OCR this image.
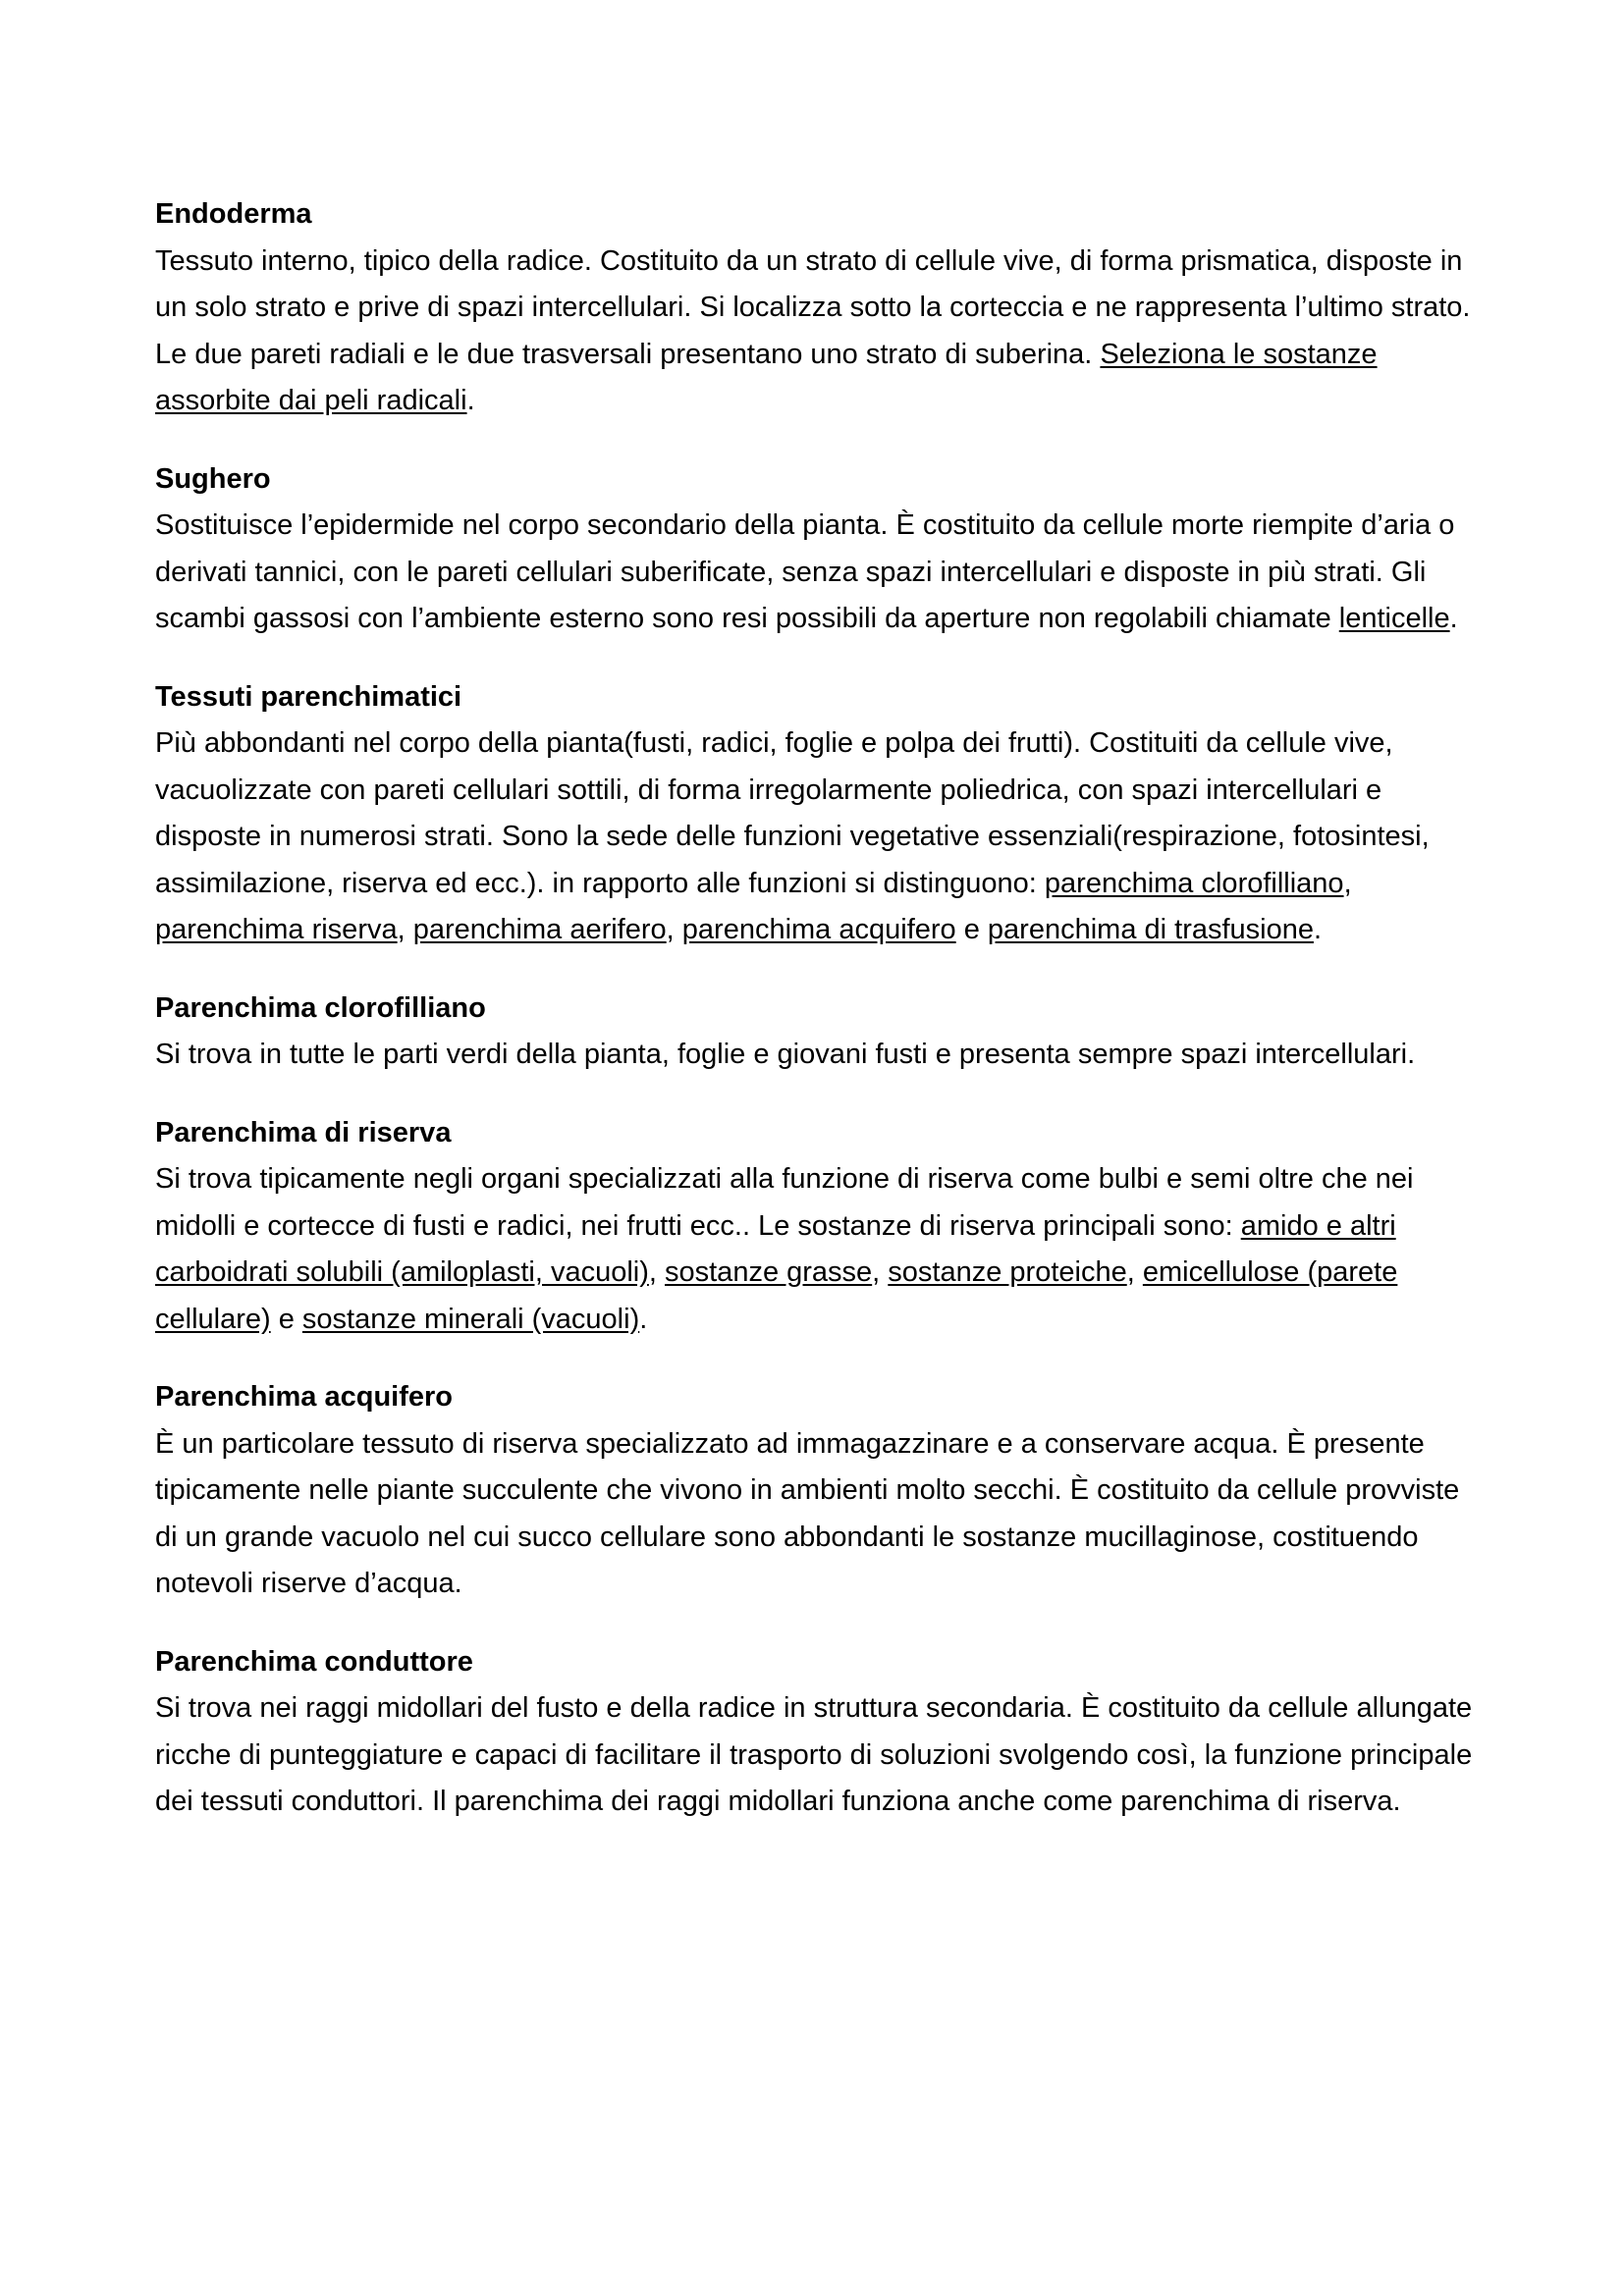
Endoderma

Tessuto interno, tipico della radice. Costituito da un strato di cellule vive, di forma prismatica, disposte in un solo strato e prive di spazi intercellulari. Si localizza sotto la corteccia e ne rappresenta l’ultimo strato. Le due pareti radiali e le due trasversali presentano uno strato di suberina. Seleziona le sostanze assorbite dai peli radicali.

Sughero

Sostituisce l’epidermide nel corpo secondario della pianta. È costituito da cellule morte riempite d’aria o derivati tannici, con le pareti cellulari suberificate, senza spazi intercellulari e disposte in più strati. Gli scambi gassosi con l’ambiente esterno sono resi possibili da aperture non regolabili chiamate lenticelle.

Tessuti parenchimatici

Più abbondanti nel corpo della pianta(fusti, radici, foglie e polpa dei frutti). Costituiti da cellule vive, vacuolizzate con pareti cellulari sottili, di forma irregolarmente poliedrica, con spazi intercellulari e disposte in numerosi strati. Sono la sede delle funzioni vegetative essenziali(respirazione, fotosintesi, assimilazione, riserva ed ecc.). in rapporto alle funzioni si distinguono: parenchima clorofilliano, parenchima riserva, parenchima aerifero, parenchima acquifero e parenchima di trasfusione.

Parenchima clorofilliano

Si trova in tutte le parti verdi della pianta, foglie e giovani fusti e presenta sempre spazi intercellulari.

Parenchima di riserva

Si trova tipicamente negli organi specializzati alla funzione di riserva come bulbi e semi oltre che nei midolli e cortecce di fusti e radici, nei frutti ecc.. Le sostanze di riserva principali sono: amido e altri carboidrati solubili (amiloplasti, vacuoli), sostanze grasse, sostanze proteiche, emicellulose (parete cellulare) e sostanze minerali (vacuoli).

Parenchima acquifero

È un particolare tessuto di riserva specializzato ad immagazzinare e a conservare acqua. È presente tipicamente nelle piante succulente che vivono in ambienti molto secchi. È costituito da cellule provviste di un grande vacuolo nel cui succo cellulare sono abbondanti le sostanze mucillaginose, costituendo notevoli riserve d’acqua.

Parenchima conduttore

Si trova nei raggi midollari del fusto e della radice in struttura secondaria. È costituito da cellule allungate ricche di punteggiature e capaci di facilitare il trasporto di soluzioni svolgendo così, la funzione principale dei tessuti conduttori. Il parenchima dei raggi midollari funziona anche come parenchima di riserva.
